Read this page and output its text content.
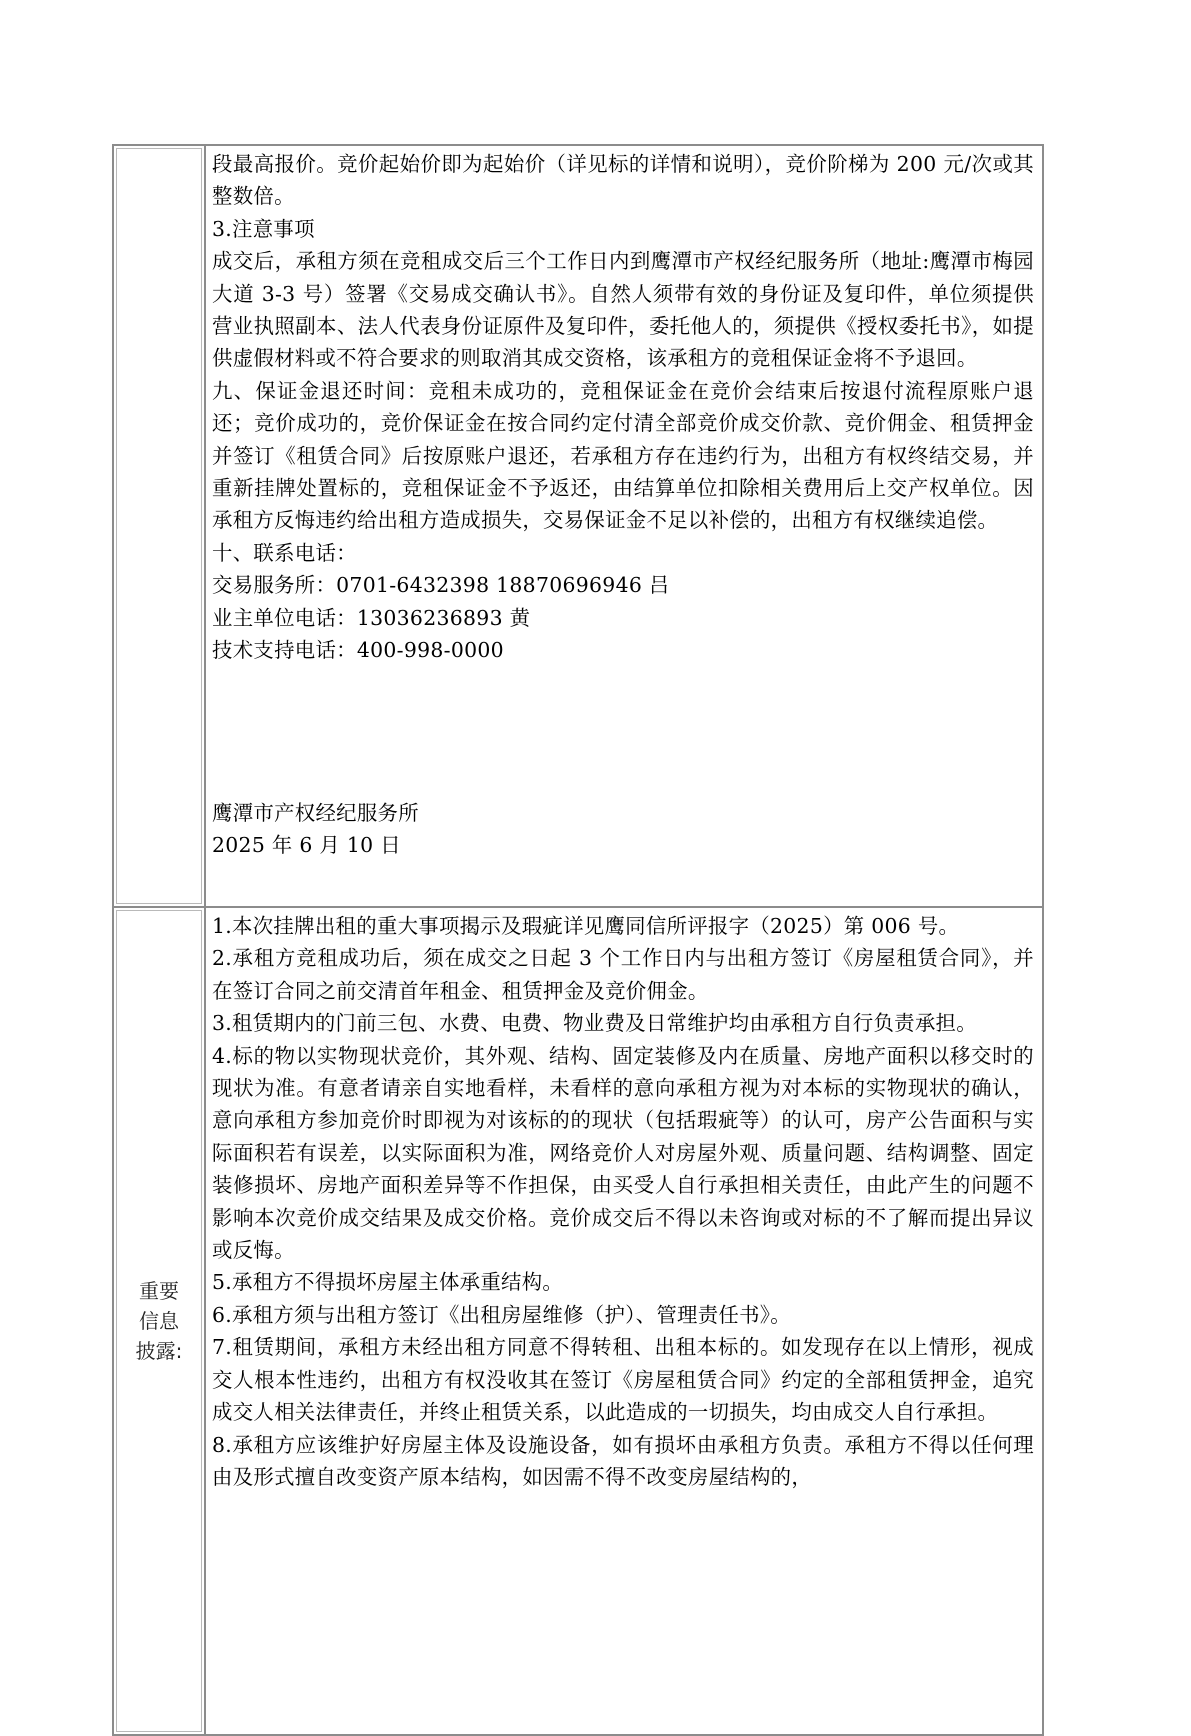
段最高报价。竞价起始价即为起始价（详见标的详情和说明），竞价阶梯为 200 元/次或其整数倍。

3.注意事项

成交后，承租方须在竞租成交后三个工作日内到鹰潭市产权经纪服务所（地址:鹰潭市梅园大道 3-3 号）签署《交易成交确认书》。自然人须带有效的身份证及复印件，单位须提供营业执照副本、法人代表身份证原件及复印件，委托他人的，须提供《授权委托书》，如提供虚假材料或不符合要求的则取消其成交资格，该承租方的竞租保证金将不予退回。

九、保证金退还时间：竞租未成功的，竞租保证金在竞价会结束后按退付流程原账户退还；竞价成功的，竞价保证金在按合同约定付清全部竞价成交价款、竞价佣金、租赁押金并签订《租赁合同》后按原账户退还，若承租方存在违约行为，出租方有权终结交易，并重新挂牌处置标的，竞租保证金不予返还，由结算单位扣除相关费用后上交产权单位。因承租方反悔违约给出租方造成损失，交易保证金不足以补偿的，出租方有权继续追偿。

十、联系电话：

交易服务所：0701-6432398 18870696946 吕

业主单位电话：13036236893 黄

技术支持电话：400-998-0000

鹰潭市产权经纪服务所

2025 年 6 月 10 日

重要
信息
披露:

1.本次挂牌出租的重大事项揭示及瑕疵详见鹰同信所评报字（2025）第 006 号。

2.承租方竞租成功后，须在成交之日起 3 个工作日内与出租方签订《房屋租赁合同》，并在签订合同之前交清首年租金、租赁押金及竞价佣金。

3.租赁期内的门前三包、水费、电费、物业费及日常维护均由承租方自行负责承担。

4.标的物以实物现状竞价，其外观、结构、固定装修及内在质量、房地产面积以移交时的现状为准。有意者请亲自实地看样，未看样的意向承租方视为对本标的实物现状的确认，意向承租方参加竞价时即视为对该标的的现状（包括瑕疵等）的认可，房产公告面积与实际面积若有误差，以实际面积为准，网络竞价人对房屋外观、质量问题、结构调整、固定装修损坏、房地产面积差异等不作担保，由买受人自行承担相关责任，由此产生的问题不影响本次竞价成交结果及成交价格。竞价成交后不得以未咨询或对标的不了解而提出异议或反悔。

5.承租方不得损坏房屋主体承重结构。

6.承租方须与出租方签订《出租房屋维修（护）、管理责任书》。

7.租赁期间，承租方未经出租方同意不得转租、出租本标的。如发现存在以上情形，视成交人根本性违约，出租方有权没收其在签订《房屋租赁合同》约定的全部租赁押金，追究成交人相关法律责任，并终止租赁关系，以此造成的一切损失，均由成交人自行承担。

8.承租方应该维护好房屋主体及设施设备，如有损坏由承租方负责。承租方不得以任何理由及形式擅自改变资产原本结构，如因需不得不改变房屋结构的，
